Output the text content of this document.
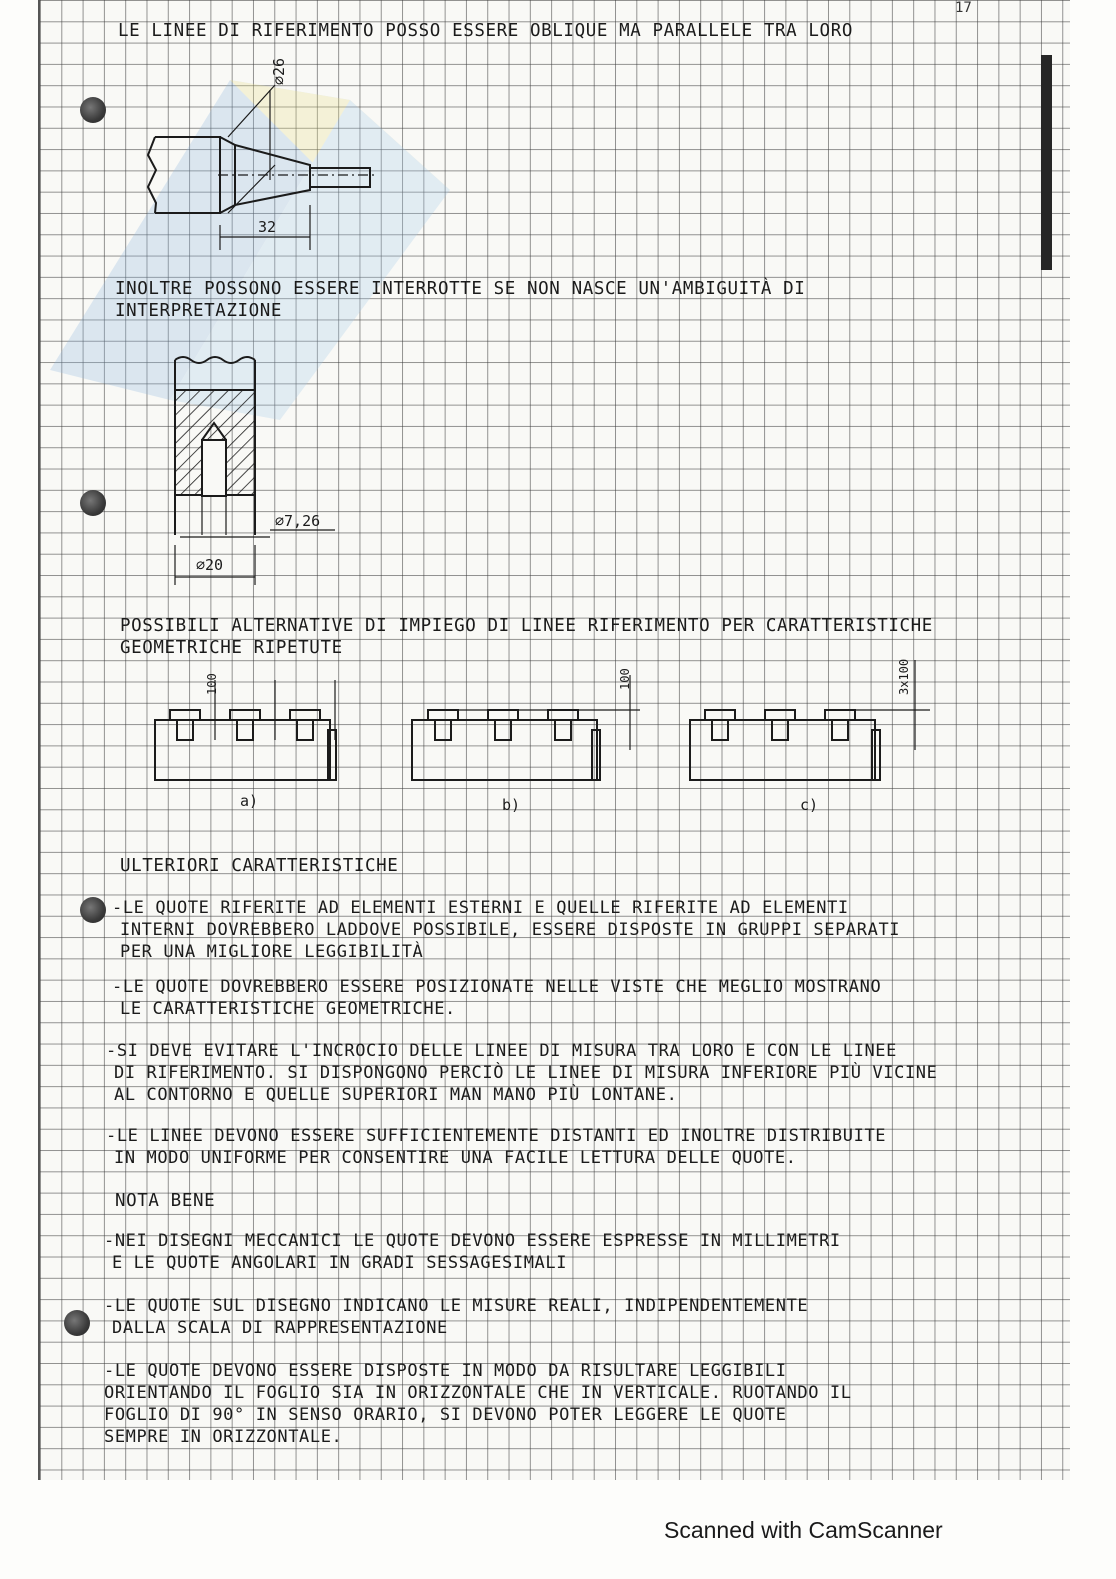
17
LE LINEE DI RIFERIMENTO POSSO ESSERE OBLIQUE MA PARALLELE TRA LORO
⌀26
32
INOLTRE POSSONO ESSERE INTERROTTE SE NON NASCE UN'AMBIGUITÀ DI
INTERPRETAZIONE
⌀7,26
⌀20
POSSIBILI ALTERNATIVE DI IMPIEGO DI LINEE RIFERIMENTO PER CARATTERISTICHE
GEOMETRICHE RIPETUTE
100	100	3x100
a)	b)	c)
ULTERIORI CARATTERISTICHE
-LE QUOTE RIFERITE AD ELEMENTI ESTERNI E QUELLE RIFERITE AD ELEMENTI
INTERNI DOVREBBERO LADDOVE POSSIBILE, ESSERE DISPOSTE IN GRUPPI SEPARATI
PER UNA MIGLIORE LEGGIBILITÀ
-LE QUOTE DOVREBBERO ESSERE POSIZIONATE NELLE VISTE CHE MEGLIO MOSTRANO
LE CARATTERISTICHE GEOMETRICHE.
-SI DEVE EVITARE L'INCROCIO DELLE LINEE DI MISURA TRA LORO E CON LE LINEE
DI RIFERIMENTO. SI DISPONGONO PERCIÒ LE LINEE DI MISURA INFERIORE PIÙ VICINE
AL CONTORNO E QUELLE SUPERIORI MAN MANO PIÙ LONTANE.
-LE LINEE DEVONO ESSERE SUFFICIENTEMENTE DISTANTI ED INOLTRE DISTRIBUITE
IN MODO UNIFORME PER CONSENTIRE UNA FACILE LETTURA DELLE QUOTE.
NOTA BENE
-NEI DISEGNI MECCANICI LE QUOTE DEVONO ESSERE ESPRESSE IN MILLIMETRI
E LE QUOTE ANGOLARI IN GRADI SESSAGESIMALI
-LE QUOTE SUL DISEGNO INDICANO LE MISURE REALI, INDIPENDENTEMENTE
DALLA SCALA DI RAPPRESENTAZIONE
-LE QUOTE DEVONO ESSERE DISPOSTE IN MODO DA RISULTARE LEGGIBILI
ORIENTANDO IL FOGLIO SIA IN ORIZZONTALE CHE IN VERTICALE. RUOTANDO IL
FOGLIO DI 90° IN SENSO ORARIO, SI DEVONO POTER LEGGERE LE QUOTE
SEMPRE IN ORIZZONTALE.
Scanned with CamScanner
